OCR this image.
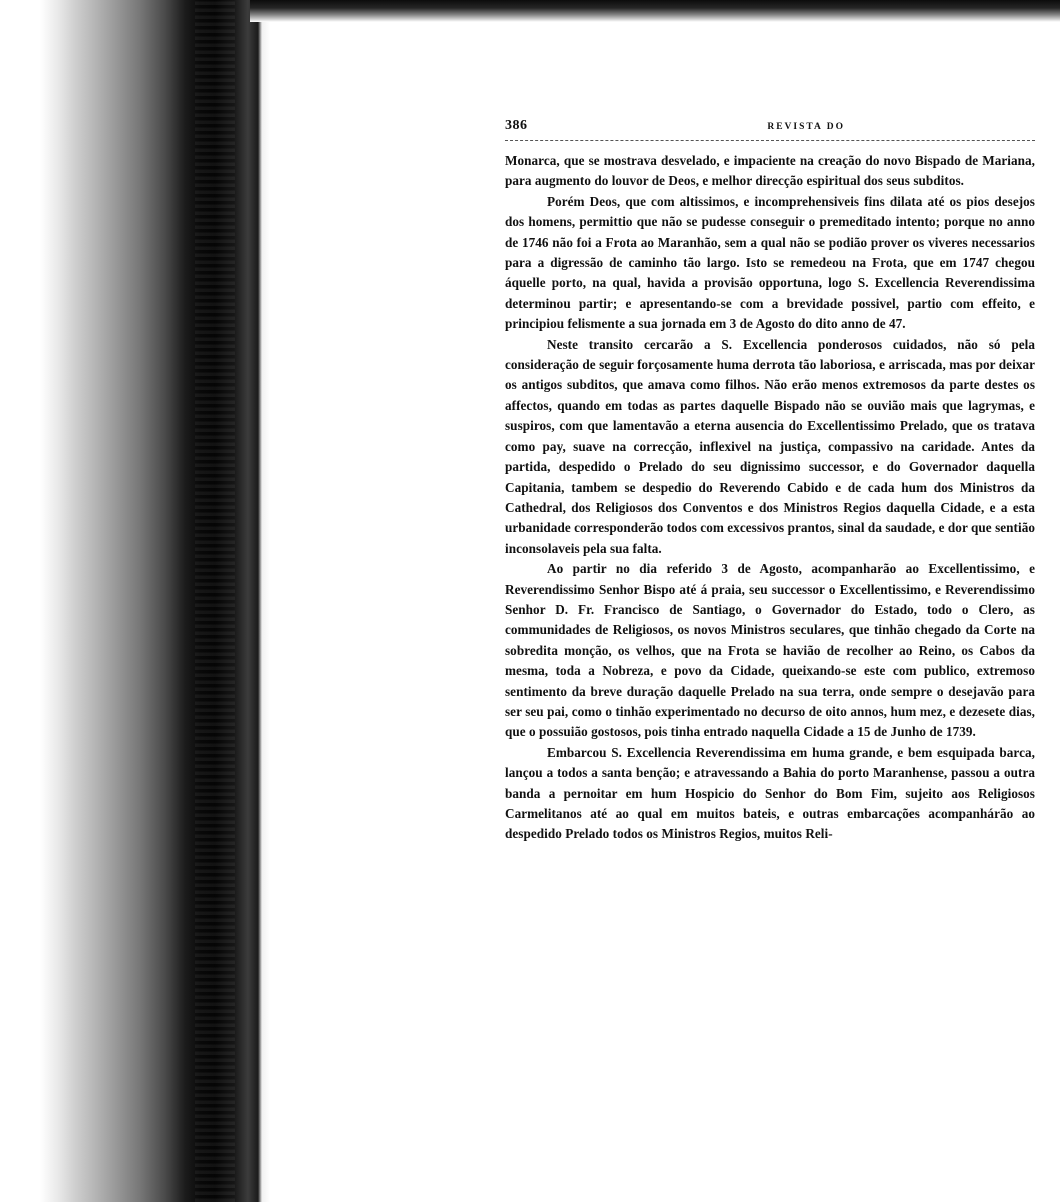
386	REVISTA DO

Monarca, que se mostrava desvelado, e impaciente na creação do novo Bispado de Mariana, para augmento do louvor de Deos, e melhor direcção espiritual dos seus subditos.

Porém Deos, que com altissimos, e incomprehensiveis fins dilata até os pios desejos dos homens, permittio que não se pudesse conseguir o premeditado intento; porque no anno de 1746 não foi a Frota ao Maranhão, sem a qual não se podião prover os viveres necessarios para a digressão de caminho tão largo. Isto se remedeou na Frota, que em 1747 chegou áquelle porto, na qual, havida a provisão opportuna, logo S. Excellencia Reverendissima determinou partir; e apresentando-se com a brevidade possivel, partio com effeito, e principiou felismente a sua jornada em 3 de Agosto do dito anno de 47.

Neste transito cercarão a S. Excellencia ponderosos cuidados, não só pela consideração de seguir forçosamente huma derrota tão laboriosa, e arriscada, mas por deixar os antigos subditos, que amava como filhos. Não erão menos extremosos da parte destes os affectos, quando em todas as partes daquelle Bispado não se ouvião mais que lagrymas, e suspiros, com que lamentavão a eterna ausencia do Excellentissimo Prelado, que os tratava como pay, suave na correcção, inflexivel na justiça, compassivo na caridade. Antes da partida, despedido o Prelado do seu dignissimo successor, e do Governador daquella Capitania, tambem se despedio do Reverendo Cabido e de cada hum dos Ministros da Cathedral, dos Religiosos dos Conventos e dos Ministros Regios daquella Cidade, e a esta urbanidade corresponderão todos com excessivos prantos, sinal da saudade, e dor que sentião inconsolaveis pela sua falta.

Ao partir no dia referido 3 de Agosto, acompanharão ao Excellentissimo, e Reverendissimo Senhor Bispo até á praia, seu successor o Excellentissimo, e Reverendissimo Senhor D. Fr. Francisco de Santiago, o Governador do Estado, todo o Clero, as communidades de Religiosos, os novos Ministros seculares, que tinhão chegado da Corte na sobredita monção, os velhos, que na Frota se havião de recolher ao Reino, os Cabos da mesma, toda a Nobreza, e povo da Cidade, queixando-se este com publico, extremoso sentimento da breve duração daquelle Prelado na sua terra, onde sempre o desejavão para ser seu pai, como o tinhão experimentado no decurso de oito annos, hum mez, e dezesete dias, que o possuião gostosos, pois tinha entrado naquella Cidade a 15 de Junho de 1739.

Embarcou S. Excellencia Reverendissima em huma grande, e bem esquipada barca, lançou a todos a santa benção; e atravessando a Bahia do porto Maranhense, passou a outra banda a pernoitar em hum Hospicio do Senhor do Bom Fim, sujeito aos Religiosos Carmelitanos até ao qual em muitos bateis, e outras embarcações acompanhárão ao despedido Prelado todos os Ministros Regios, muitos Reli-
